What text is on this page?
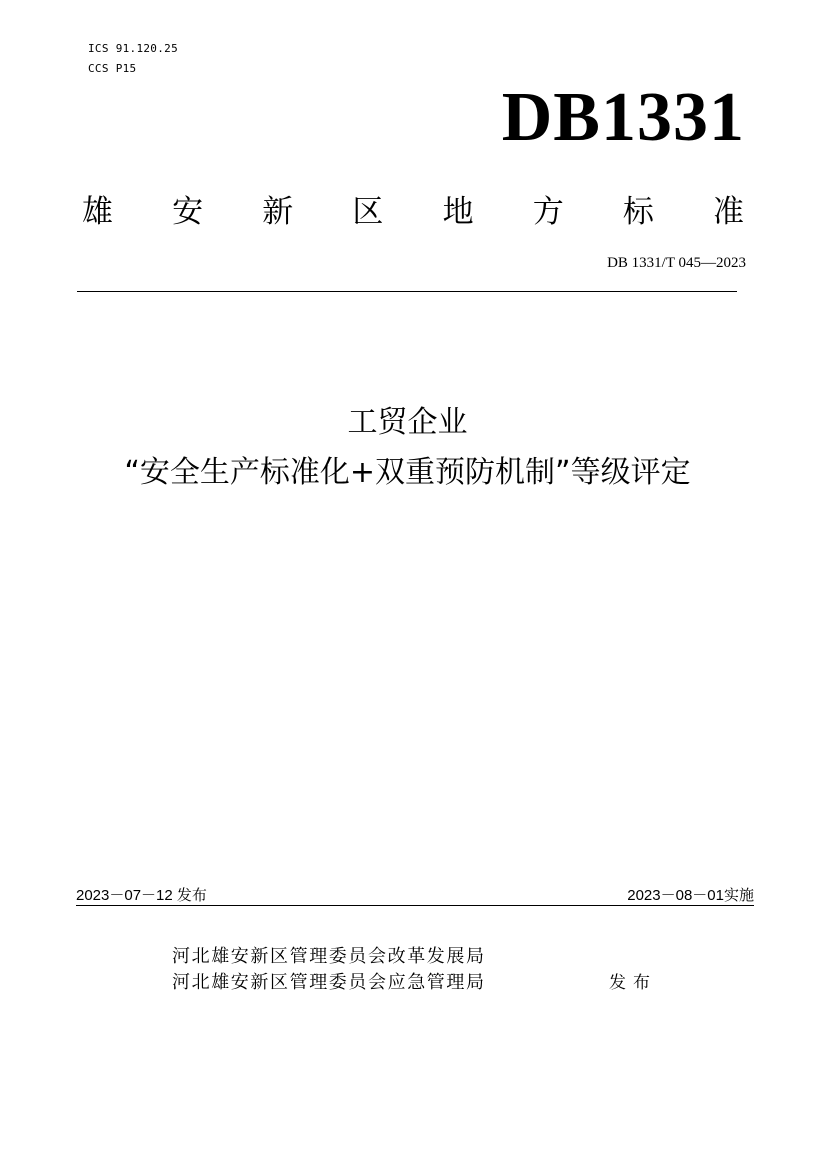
ICS 91.120.25
CCS P15
DB1331
雄 安 新 区 地 方 标 准
DB 1331/T 045—2023
工贸企业
“安全生产标准化+双重预防机制”等级评定
2023－07－12 发布	2023－08－01实施
河北雄安新区管理委员会改革发展局
河北雄安新区管理委员会应急管理局	发布
